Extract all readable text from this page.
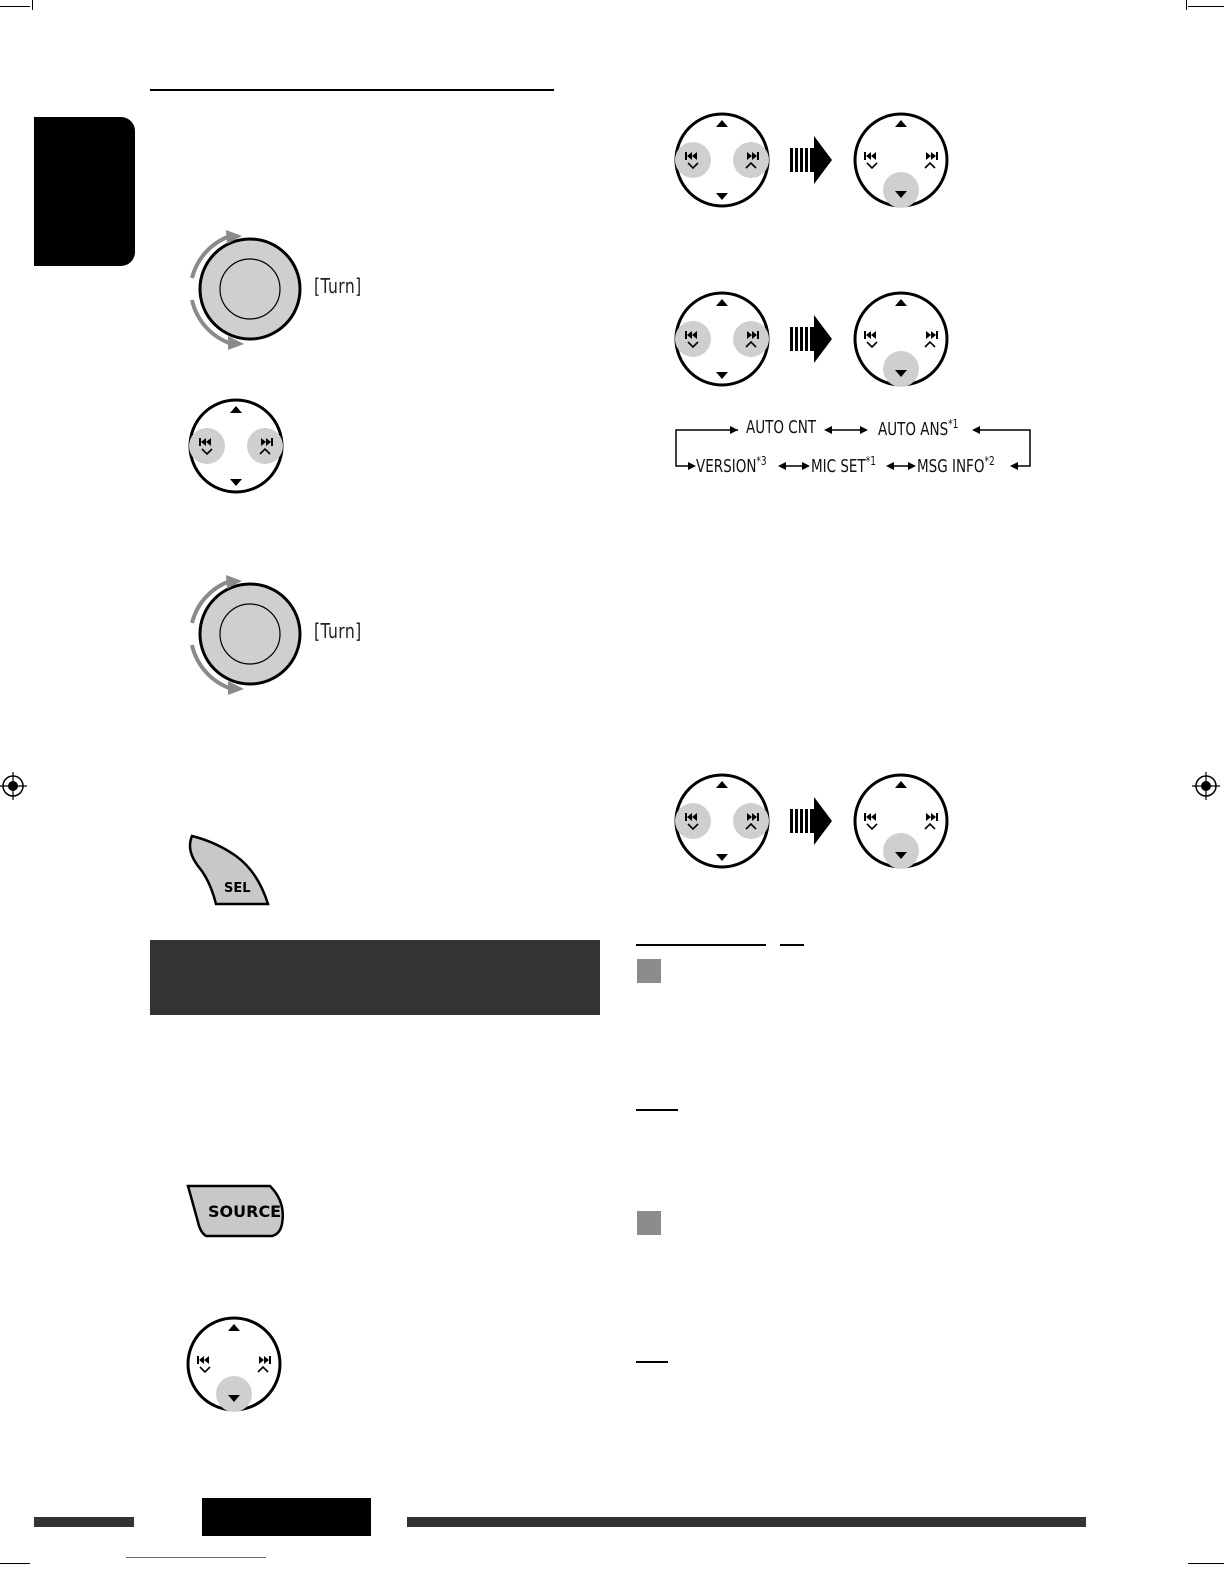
[Turn]
[Turn]
SEL
SOURCE
AUTO CNT	AUTO ANS$^{*1}$
VERSION$^{*3}$ MIC SET$^{*1}$ MSG INFO$^{*2}$
